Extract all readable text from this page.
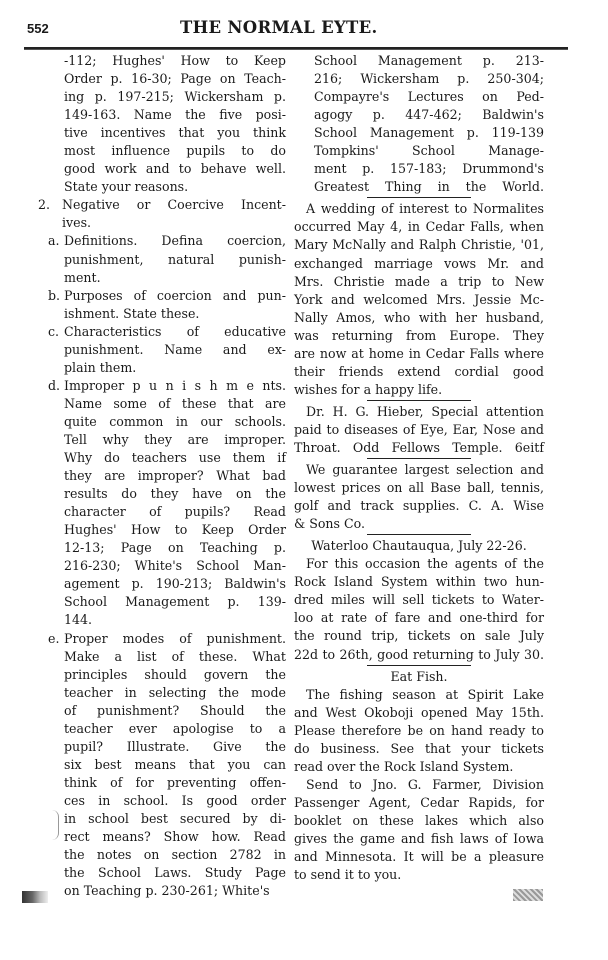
552	THE NORMAL EYTE.
-112; Hughes' How to Keep
Order p. 16-30; Page on Teach-
ing p. 197-215; Wickersham p.
149-163. Name the five posi-
tive incentives that you think
most influence pupils to do
good work and to behave well.
State your reasons.
2. Negative or Coercive Incent-
ives.
a. Definitions. Defina coercion,
punishment, natural punish-
ment.
b. Purposes of coercion and pun-
ishment. State these.
c. Characteristics of educative
punishment. Name and ex-
plain them.
d. Improper p u n i s h m e nts.
Name some of these that are
quite common in our schools.
Tell why they are improper.
Why do teachers use them if
they are improper? What bad
results do they have on the
character of pupils? Read
Hughes' How to Keep Order
12-13; Page on Teaching p.
216-230; White's School Man-
agement p. 190-213; Baldwin's
School Management p. 139-
144.
e. Proper modes of punishment.
Make a list of these. What
principles should govern the
teacher in selecting the mode
of punishment? Should the
teacher ever apologise to a
pupil? Illustrate. Give the
six best means that you can
think of for preventing offen-
ces in school. Is good order
in school best secured by di-
rect means? Show how. Read
the notes on section 2782 in
the School Laws. Study Page
on Teaching p. 230-261; White's
School Management p. 213-
216; Wickersham p. 250-304;
Compayre's Lectures on Ped-
agogy p. 447-462; Baldwin's
School Management p. 119-139
Tompkins' School Manage-
ment p. 157-183; Drummond's
Greatest Thing in the World.
A wedding of interest to Normalites
occurred May 4, in Cedar Falls, when
Mary McNally and Ralph Christie, '01,
exchanged marriage vows Mr. and
Mrs. Christie made a trip to New
York and welcomed Mrs. Jessie Mc-
Nally Amos, who with her husband,
was returning from Europe. They
are now at home in Cedar Falls where
their friends extend cordial good
wishes for a happy life.
Dr. H. G. Hieber, Special attention
paid to diseases of Eye, Ear, Nose and
Throat. Odd Fellows Temple. 6eitf
We guarantee largest selection and
lowest prices on all Base ball, tennis,
golf and track supplies. C. A. Wise
& Sons Co.
Waterloo Chautauqua, July 22-26.
For this occasion the agents of the
Rock Island System within two hun-
dred miles will sell tickets to Water-
loo at rate of fare and one-third for
the round trip, tickets on sale July
22d to 26th, good returning to July 30.
Eat Fish.
The fishing season at Spirit Lake
and West Okoboji opened May 15th.
Please therefore be on hand ready to
do business. See that your tickets
read over the Rock Island System.
Send to Jno. G. Farmer, Division
Passenger Agent, Cedar Rapids, for
booklet on these lakes which also
gives the game and fish laws of Iowa
and Minnesota. It will be a pleasure
to send it to you.
